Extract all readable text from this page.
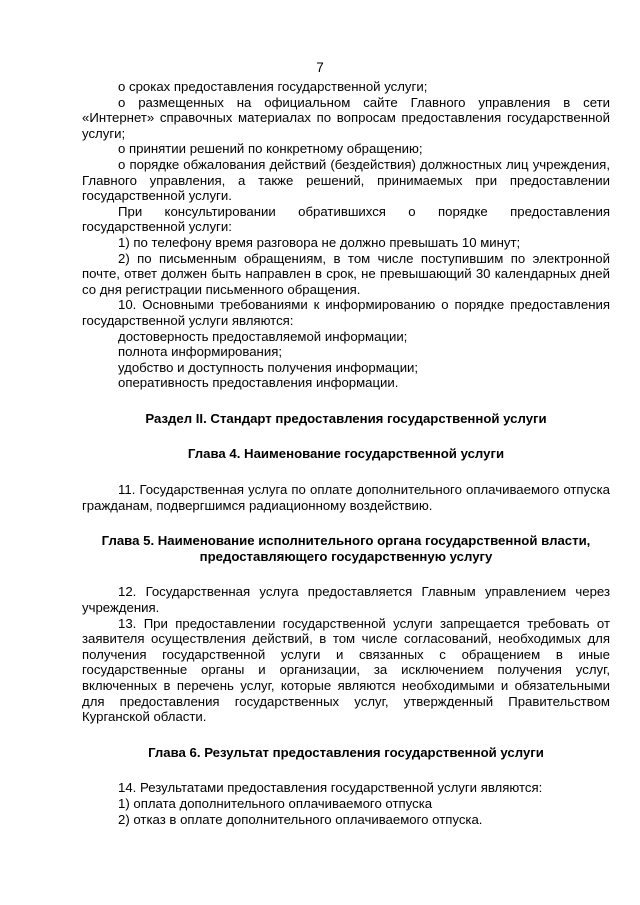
7

о сроках предоставления государственной услуги;

о размещенных на официальном сайте Главного управления в сети «Интернет» справочных материалах по вопросам предоставления государственной услуги;

о принятии решений по конкретному обращению;

о порядке обжалования действий (бездействия) должностных лиц учреждения, Главного управления, а также решений, принимаемых при предоставлении государственной услуги.

При консультировании обратившихся о порядке предоставления государственной услуги:

1) по телефону время разговора не должно превышать 10 минут;

2) по письменным обращениям, в том числе поступившим по электронной почте, ответ должен быть направлен в срок, не превышающий 30 календарных дней со дня регистрации письменного обращения.

10. Основными требованиями к информированию о порядке предоставления государственной услуги являются:

достоверность предоставляемой информации;

полнота информирования;

удобство и доступность получения информации;

оперативность предоставления информации.

Раздел II. Стандарт предоставления государственной услуги

Глава 4. Наименование государственной услуги

11. Государственная услуга по оплате дополнительного оплачиваемого отпуска гражданам, подвергшимся радиационному воздействию.

Глава 5. Наименование исполнительного органа государственной власти, предоставляющего государственную услугу

12. Государственная услуга предоставляется Главным управлением через учреждения.

13. При предоставлении государственной услуги запрещается требовать от заявителя осуществления действий, в том числе согласований, необходимых для получения государственной услуги и связанных с обращением в иные государственные органы и организации, за исключением получения услуг, включенных в перечень услуг, которые являются необходимыми и обязательными для предоставления государственных услуг, утвержденный Правительством Курганской области.

Глава 6. Результат предоставления государственной услуги

14. Результатами предоставления государственной услуги являются:

1) оплата дополнительного оплачиваемого отпуска

2) отказ в оплате дополнительного оплачиваемого отпуска.
